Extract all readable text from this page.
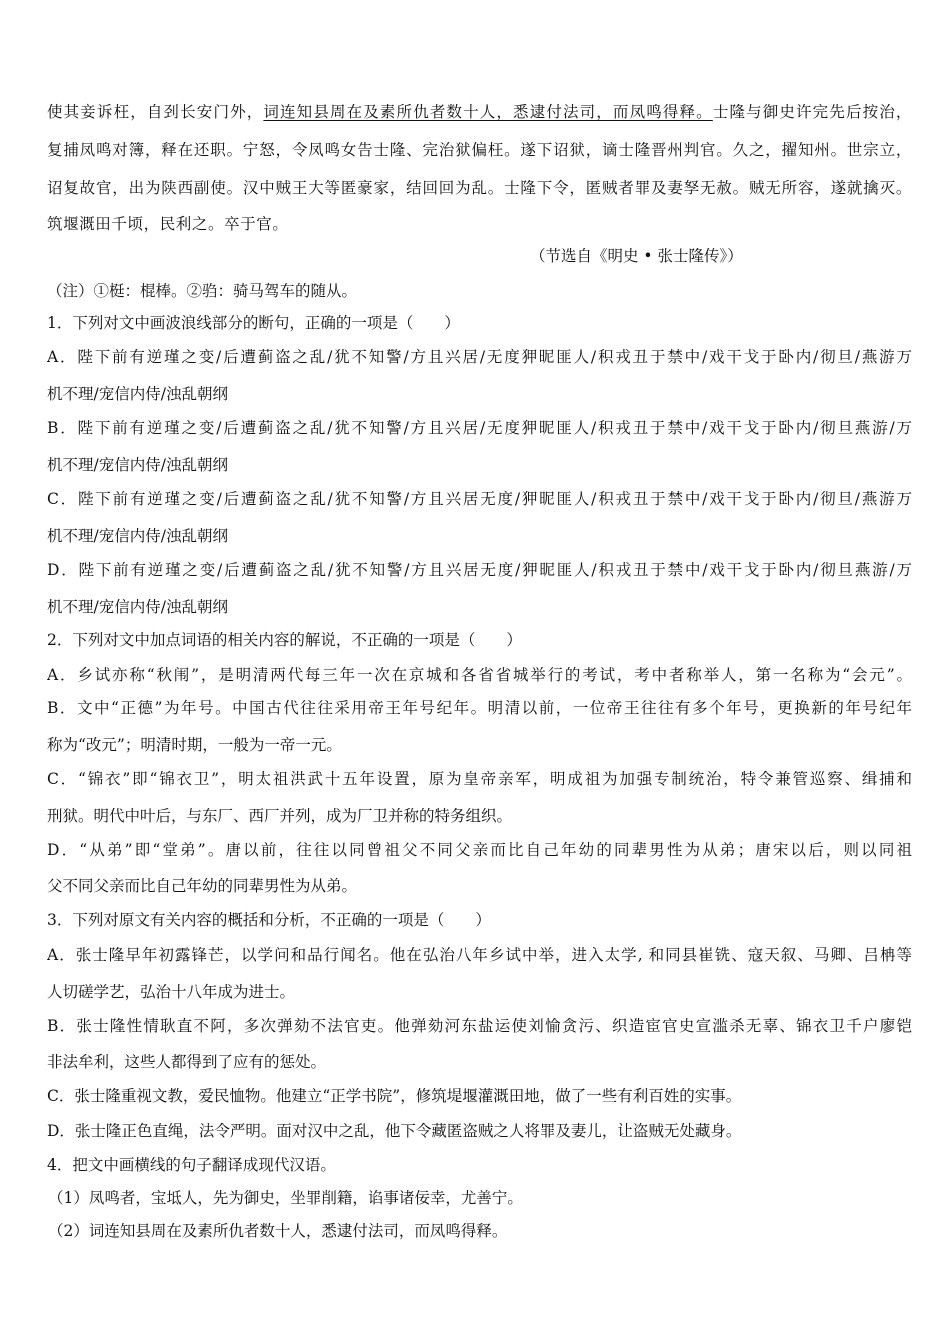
使其妾诉枉，自刭长安门外，词连知县周在及素所仇者数十人，悉逮付法司，而凤鸣得释。士隆与御史许完先后按治，
复捕凤鸣对簿，释在还职。宁怒，令凤鸣女告士隆、完治狱偏枉。遂下诏狱，谪士隆晋州判官。久之，擢知州。世宗立，
诏复故官，出为陕西副使。汉中贼王大等匿豪家，结回回为乱。士隆下令，匿贼者罪及妻孥无赦。贼无所容，遂就擒灭。
筑堰溉田千顷，民利之。卒于官。
（节选自《明史 • 张士隆传》）
（注）①梃：棍棒。②驺：骑马驾车的随从。
1．下列对文中画波浪线部分的断句，正确的一项是（　　）
A．陛下前有逆瑾之变/后遭蓟盗之乱/犹不知警/方且兴居/无度狎昵匪人/积戎丑于禁中/戏干戈于卧内/彻旦/燕游万
机不理/宠信内侍/浊乱朝纲
B．陛下前有逆瑾之变/后遭蓟盗之乱/犹不知警/方且兴居/无度狎昵匪人/积戎丑于禁中/戏干戈于卧内/彻旦燕游/万
机不理/宠信内侍/浊乱朝纲
C．陛下前有逆瑾之变/后遭蓟盗之乱/犹不知警/方且兴居无度/狎昵匪人/积戎丑于禁中/戏干戈于卧内/彻旦/燕游万
机不理/宠信内侍/浊乱朝纲
D．陛下前有逆瑾之变/后遭蓟盗之乱/犹不知警/方且兴居无度/狎昵匪人/积戎丑于禁中/戏干戈于卧内/彻旦燕游/万
机不理/宠信内侍/浊乱朝纲
2．下列对文中加点词语的相关内容的解说，不正确的一项是（　　）
A．乡试亦称“秋闱”，是明清两代每三年一次在京城和各省省城举行的考试，考中者称举人，第一名称为“会元”。
B．文中“正德”为年号。中国古代往往采用帝王年号纪年。明清以前，一位帝王往往有多个年号，更换新的年号纪年
称为“改元”；明清时期，一般为一帝一元。
C．“锦衣”即“锦衣卫”，明太祖洪武十五年设置，原为皇帝亲军，明成祖为加强专制统治，特令兼管巡察、缉捕和
刑狱。明代中叶后，与东厂、西厂并列，成为厂卫并称的特务组织。
D．“从弟”即“堂弟”。唐以前，往往以同曾祖父不同父亲而比自己年幼的同辈男性为从弟；唐宋以后，则以同祖
父不同父亲而比自己年幼的同辈男性为从弟。
3．下列对原文有关内容的概括和分析，不正确的一项是（　　）
A．张士隆早年初露锋芒，以学问和品行闻名。他在弘治八年乡试中举，进入太学, 和同县崔铣、寇天叙、马卿、吕柟等
人切磋学艺，弘治十八年成为进士。
B．张士隆性情耿直不阿，多次弹劾不法官吏。他弹劾河东盐运使刘愉贪污、织造宦官史宣滥杀无辜、锦衣卫千户廖铠
非法牟利，这些人都得到了应有的惩处。
C．张士隆重视文教，爱民恤物。他建立“正学书院”，修筑堤堰灌溉田地，做了一些有利百姓的实事。
D．张士隆正色直绳，法令严明。面对汉中之乱，他下令藏匿盗贼之人将罪及妻儿，让盗贼无处藏身。
4．把文中画横线的句子翻译成现代汉语。
（1）凤鸣者，宝坻人，先为御史，坐罪削籍，谄事诸佞幸，尤善宁。
（2）词连知县周在及素所仇者数十人，悉逮付法司，而凤鸣得释。
